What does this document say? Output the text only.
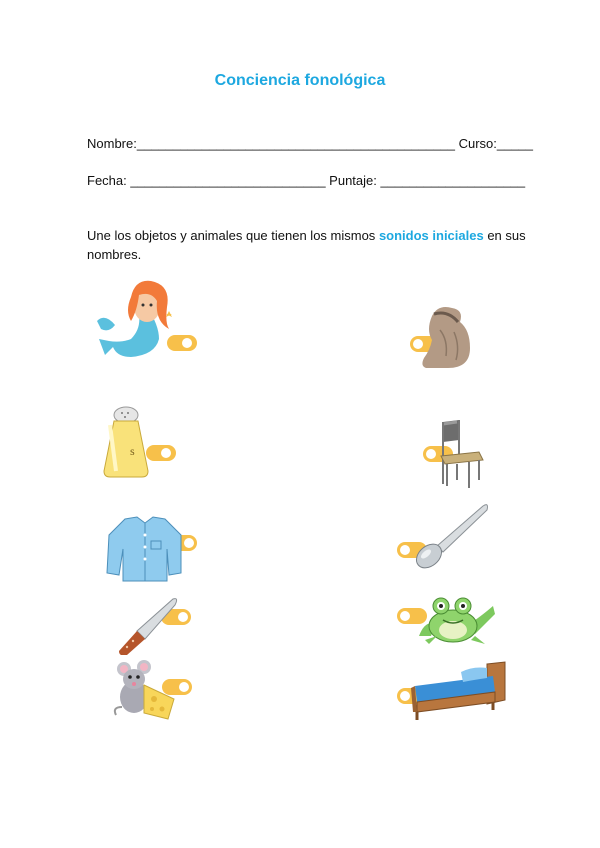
Conciencia fonológica
Nombre:____________________________________________ Curso:_____
Fecha: ___________________________ Puntaje: ____________________
Une los objetos y animales que tienen los mismos sonidos iniciales en sus nombres.
s
